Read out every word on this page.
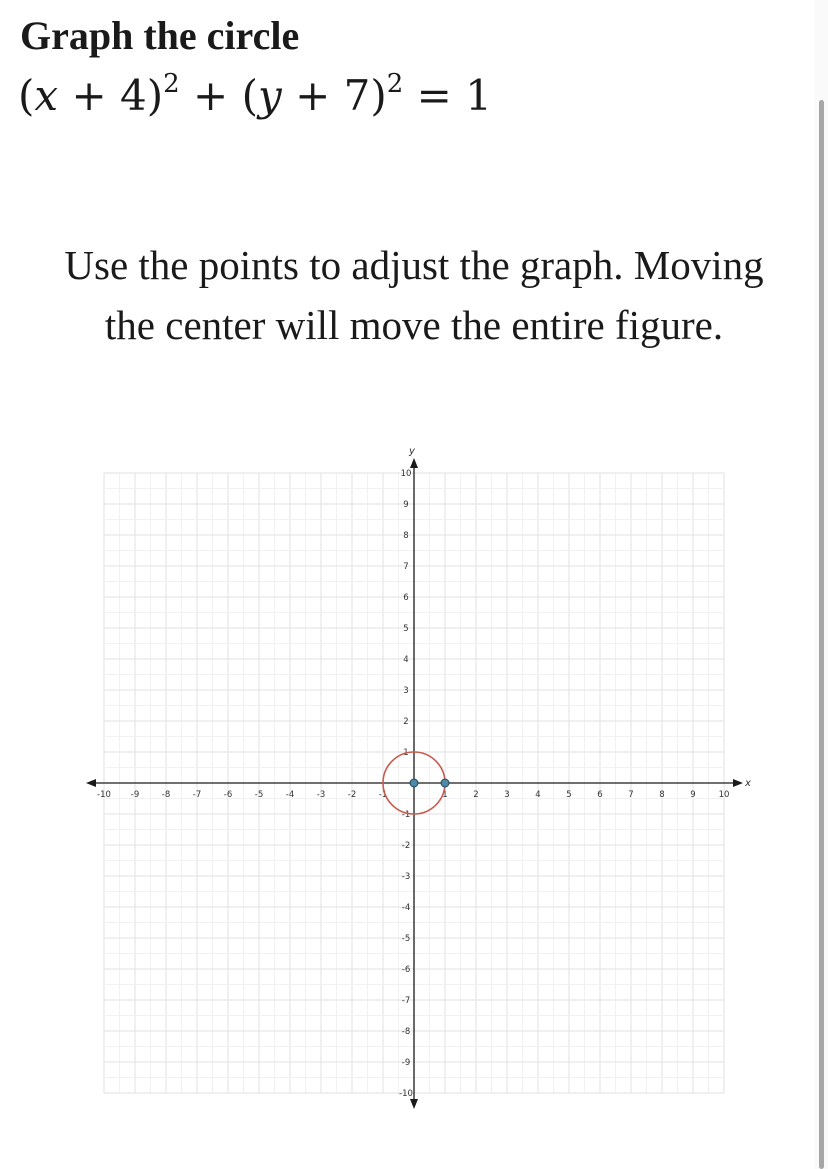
Graph the circle
$(x + 4)^2 + (y + 7)^2 = 1$

Use the points to adjust the graph. Moving the center will move the entire figure.

x
y
-10 -9	-8	-7	-6	-5	-4	-3	-2	-1	1	2	3	4	5	6	7	8	9	10
-10
-9
-8
-7
-6
-5
-4
-3
-2
-1
1
2
3
4
5
6
7
8
9
10
